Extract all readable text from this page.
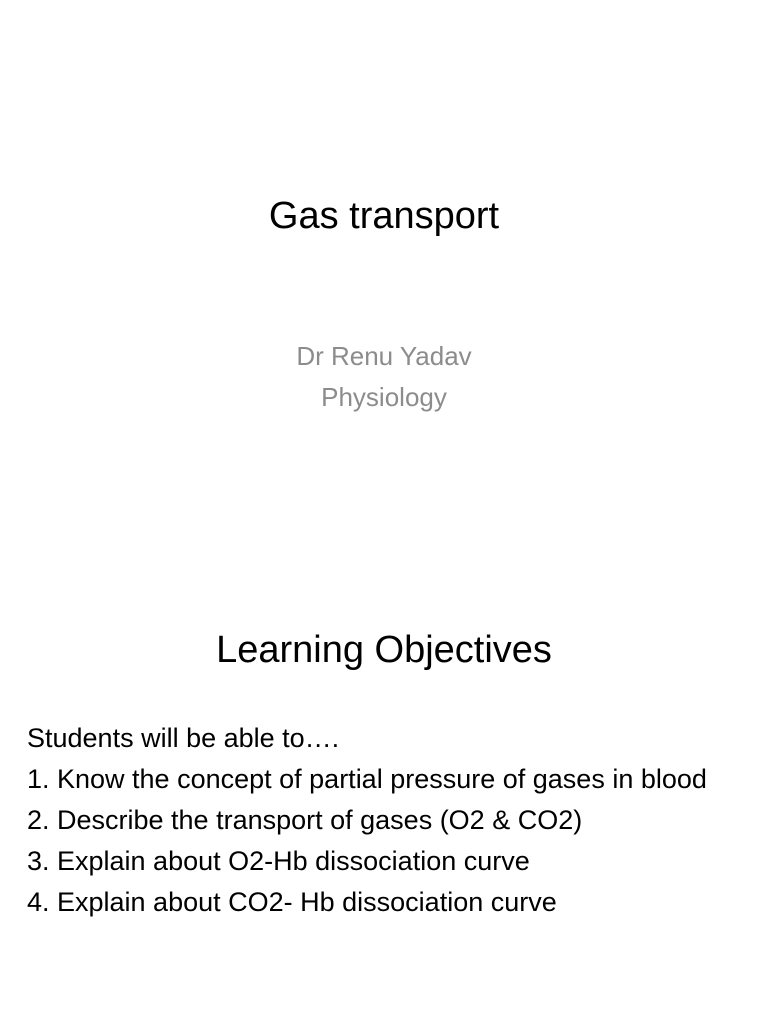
Gas transport
Dr Renu Yadav
Physiology
Learning Objectives
Students will be able to….
1. Know the concept of partial pressure of gases in blood
2. Describe the transport of gases (O2 & CO2)
3. Explain about O2-Hb dissociation curve
4. Explain about CO2- Hb dissociation curve
